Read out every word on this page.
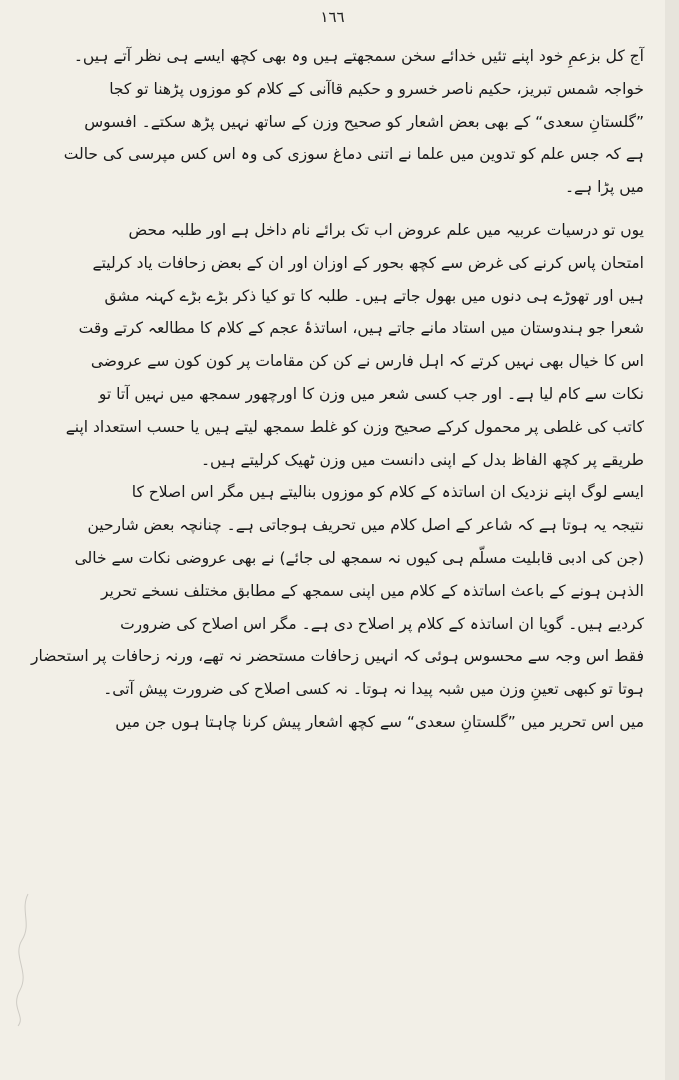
١٦٦

آج کل بزعمِ خود اپنے تئیں خدائے سخن سمجھتے ہیں وہ بھی کچھ ایسے ہی نظر آتے ہیں۔
خواجہ شمس تبریز، حکیم ناصر خسرو و حکیم قاآنی کے کلام کو موزوں پڑھنا تو کجا
”گلستانِ سعدی“ کے بھی بعض اشعار کو صحیح وزن کے ساتھ نہیں پڑھ سکتے۔ افسوس
ہے کہ جس علم کو تدوین میں علما نے اتنی دماغ سوزی کی وہ اس کس مپرسی کی حالت
میں پڑا ہے۔

یوں تو درسیات عربیہ میں علم عروض اب تک برائے نام داخل ہے اور طلبہ محض
امتحان پاس کرنے کی غرض سے کچھ بحور کے اوزان اور ان کے بعض زحافات یاد کرلیتے
ہیں اور تھوڑے ہی دنوں میں بھول جاتے ہیں۔ طلبہ کا تو کیا ذکر بڑے بڑے کہنہ مشق
شعرا جو ہندوستان میں استاد مانے جاتے ہیں، اساتذۂ عجم کے کلام کا مطالعہ کرتے وقت
اس کا خیال بھی نہیں کرتے کہ اہل فارس نے کن کن مقامات پر کون کون سے عروضی
نکات سے کام لیا ہے۔ اور جب کسی شعر میں وزن کا اورچھور سمجھ میں نہیں آتا تو
کاتب کی غلطی پر محمول کرکے صحیح وزن کو غلط سمجھ لیتے ہیں یا حسب استعداد اپنے
طریقے پر کچھ الفاظ بدل کے اپنی دانست میں وزن ٹھیک کرلیتے ہیں۔

ایسے لوگ اپنے نزدیک ان اساتذہ کے کلام کو موزوں بنالیتے ہیں مگر اس اصلاح کا
نتیجہ یہ ہوتا ہے کہ شاعر کے اصل کلام میں تحریف ہوجاتی ہے۔ چنانچہ بعض شارحین
(جن کی ادبی قابلیت مسلّم ہی کیوں نہ سمجھ لی جائے) نے بھی عروضی نکات سے خالی
الذہن ہونے کے باعث اساتذہ کے کلام میں اپنی سمجھ کے مطابق مختلف نسخے تحریر
کردیے ہیں۔ گویا ان اساتذہ کے کلام پر اصلاح دی ہے۔ مگر اس اصلاح کی ضرورت
فقط اس وجہ سے محسوس ہوئی کہ انہیں زحافات مستحضر نہ تھے، ورنہ زحافات پر استحضار
ہوتا تو کبھی تعینِ وزن میں شبہ پیدا نہ ہوتا۔ نہ کسی اصلاح کی ضرورت پیش آتی۔

میں اس تحریر میں ”گلستانِ سعدی“ سے کچھ اشعار پیش کرنا چاہتا ہوں جن میں
